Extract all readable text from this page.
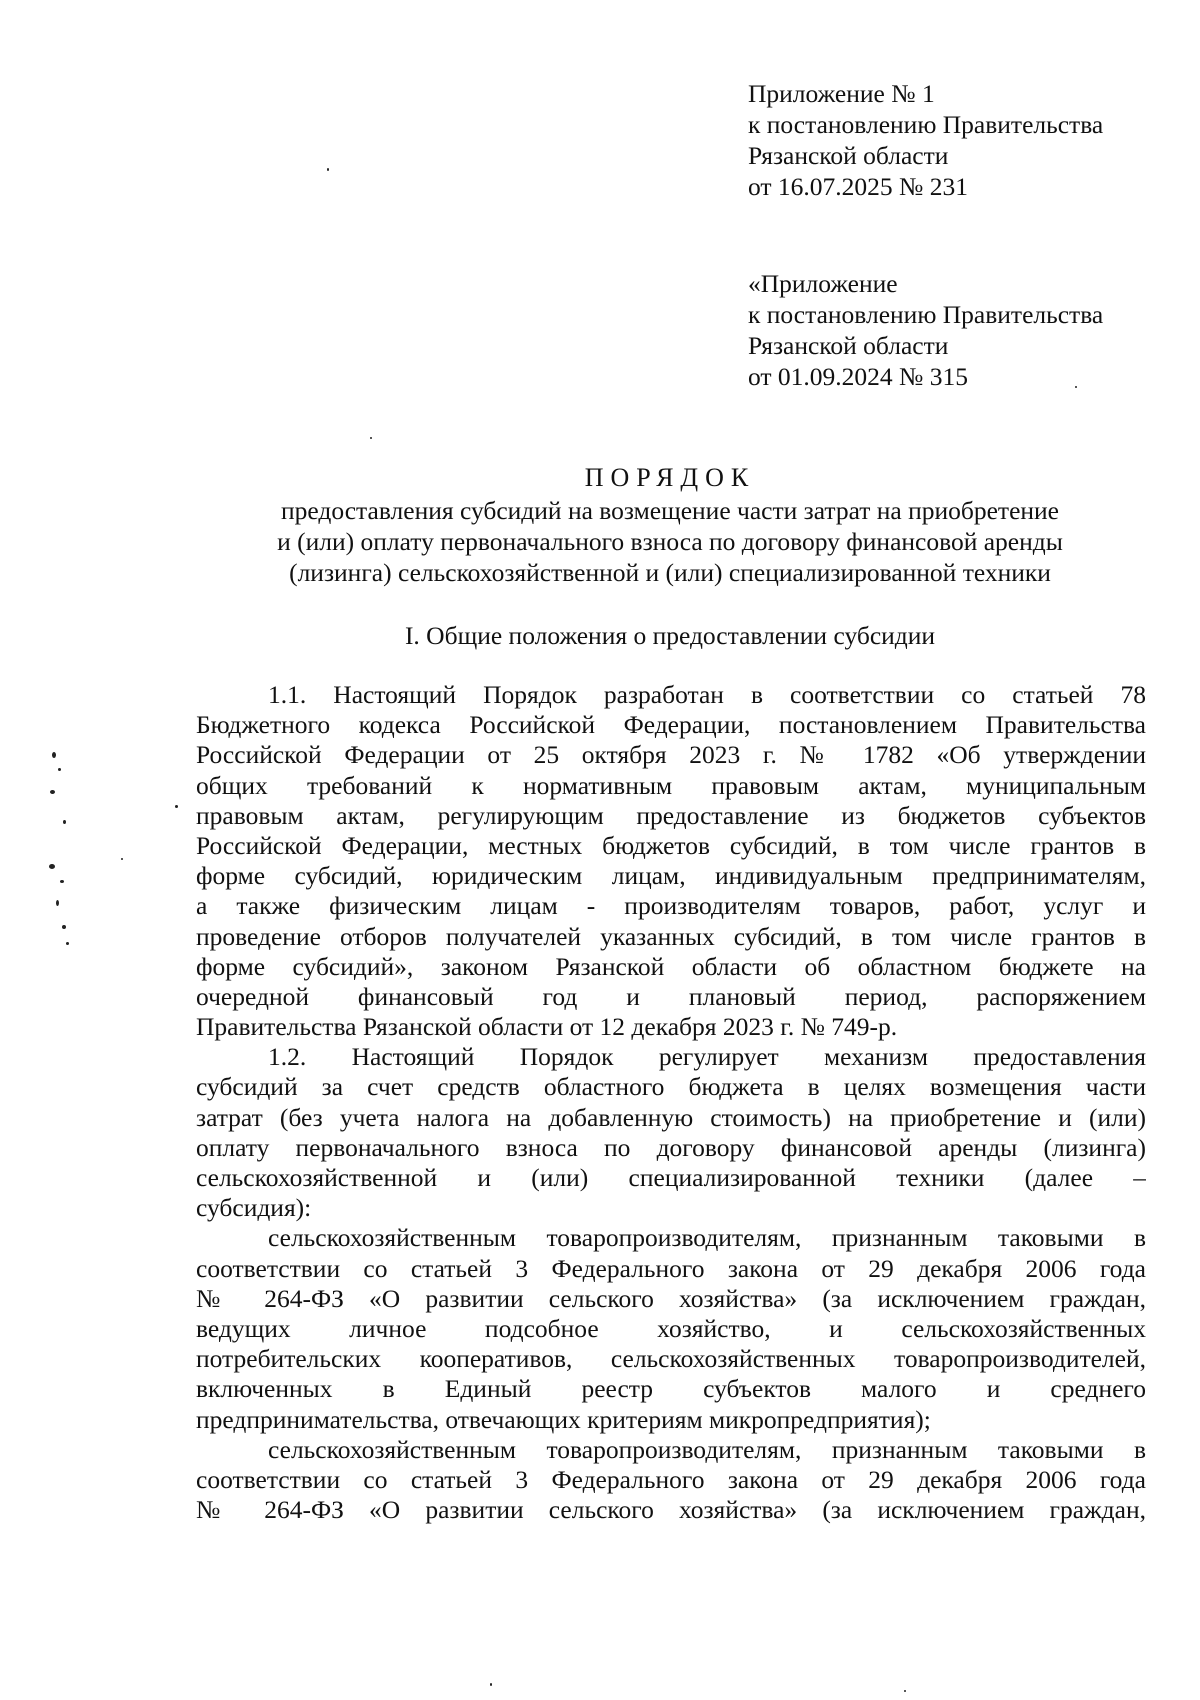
Приложение № 1
к постановлению Правительства
Рязанской области
от 16.07.2025 № 231
«Приложение
к постановлению Правительства
Рязанской области
от 01.09.2024 № 315
ПОРЯДОК

предоставления субсидий на возмещение части затрат на приобретение
и (или) оплату первоначального взноса по договору финансовой аренды
(лизинга) сельскохозяйственной и (или) специализированной техники

I. Общие положения о предоставлении субсидии
1.1. Настоящий Порядок разработан в соответствии со статьей 78
Бюджетного кодекса Российской Федерации, постановлением Правительства
Российской Федерации от 25 октября 2023 г. № 1782 «Об утверждении
общих требований к нормативным правовым актам, муниципальным
правовым актам, регулирующим предоставление из бюджетов субъектов
Российской Федерации, местных бюджетов субсидий, в том числе грантов в
форме субсидий, юридическим лицам, индивидуальным предпринимателям,
а также физическим лицам - производителям товаров, работ, услуг и
проведение отборов получателей указанных субсидий, в том числе грантов в
форме субсидий», законом Рязанской области об областном бюджете на
очередной финансовый год и плановый период, распоряжением
Правительства Рязанской области от 12 декабря 2023 г. № 749-р.
1.2. Настоящий Порядок регулирует механизм предоставления
субсидий за счет средств областного бюджета в целях возмещения части
затрат (без учета налога на добавленную стоимость) на приобретение и (или)
оплату первоначального взноса по договору финансовой аренды (лизинга)
сельскохозяйственной и (или) специализированной техники (далее –
субсидия):
сельскохозяйственным товаропроизводителям, признанным таковыми в
соответствии со статьей 3 Федерального закона от 29 декабря 2006 года
№ 264-ФЗ «О развитии сельского хозяйства» (за исключением граждан,
ведущих личное подсобное хозяйство, и сельскохозяйственных
потребительских кооперативов, сельскохозяйственных товаропроизводителей,
включенных в Единый реестр субъектов малого и среднего
предпринимательства, отвечающих критериям микропредприятия);
сельскохозяйственным товаропроизводителям, признанным таковыми в
соответствии со статьей 3 Федерального закона от 29 декабря 2006 года
№ 264-ФЗ «О развитии сельского хозяйства» (за исключением граждан,
